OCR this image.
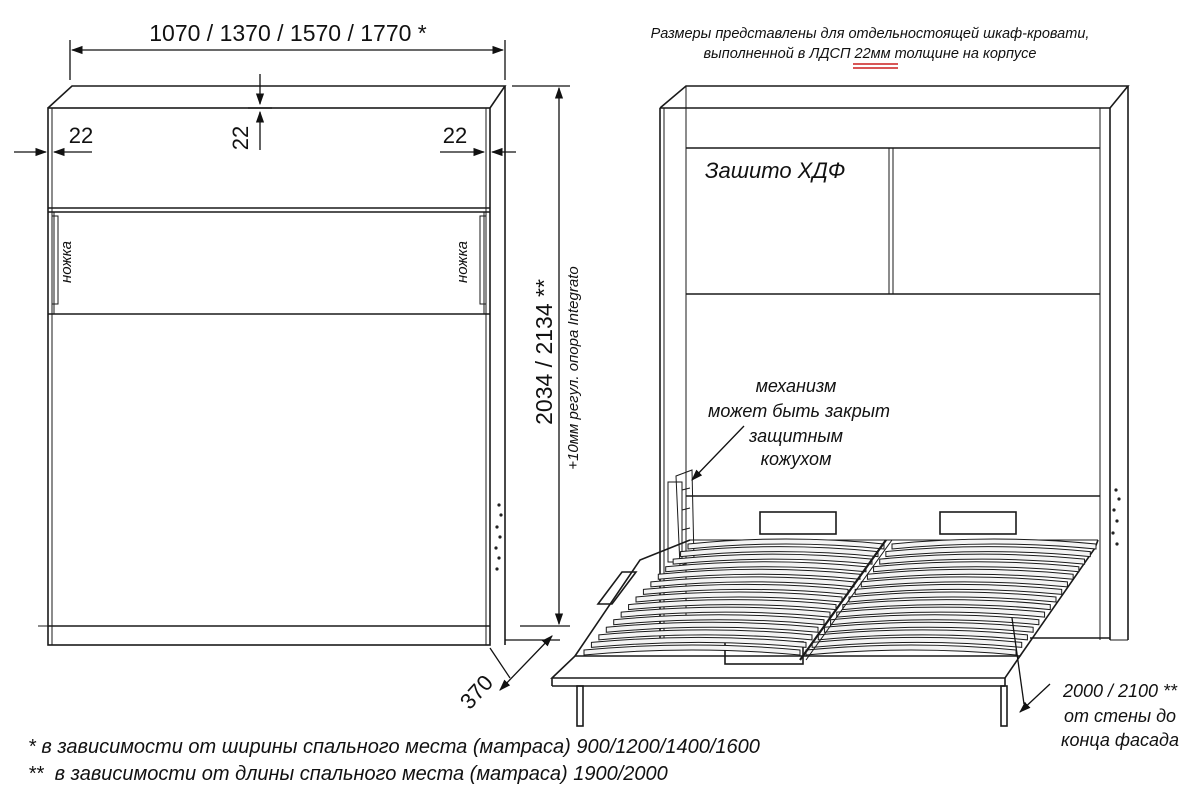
ножка	ножка
1070 / 1370 / 1570 / 1770 *
22
22	22
2034 / 2134 ** +10мм регул. опора Integrato
370
Зашито ХДФ
механизм
может быть закрыт
защитным
кожухом
2000 / 2100 **
от стены до
конца фасада
Размеры представлены для отдельностоящей шкаф-кровати,
выполненной в ЛДСП 22мм толщине на корпусе
* в зависимости от ширины спального места (матраса) 900/1200/1400/1600
**  в зависимости от длины спального места (матраса) 1900/2000
